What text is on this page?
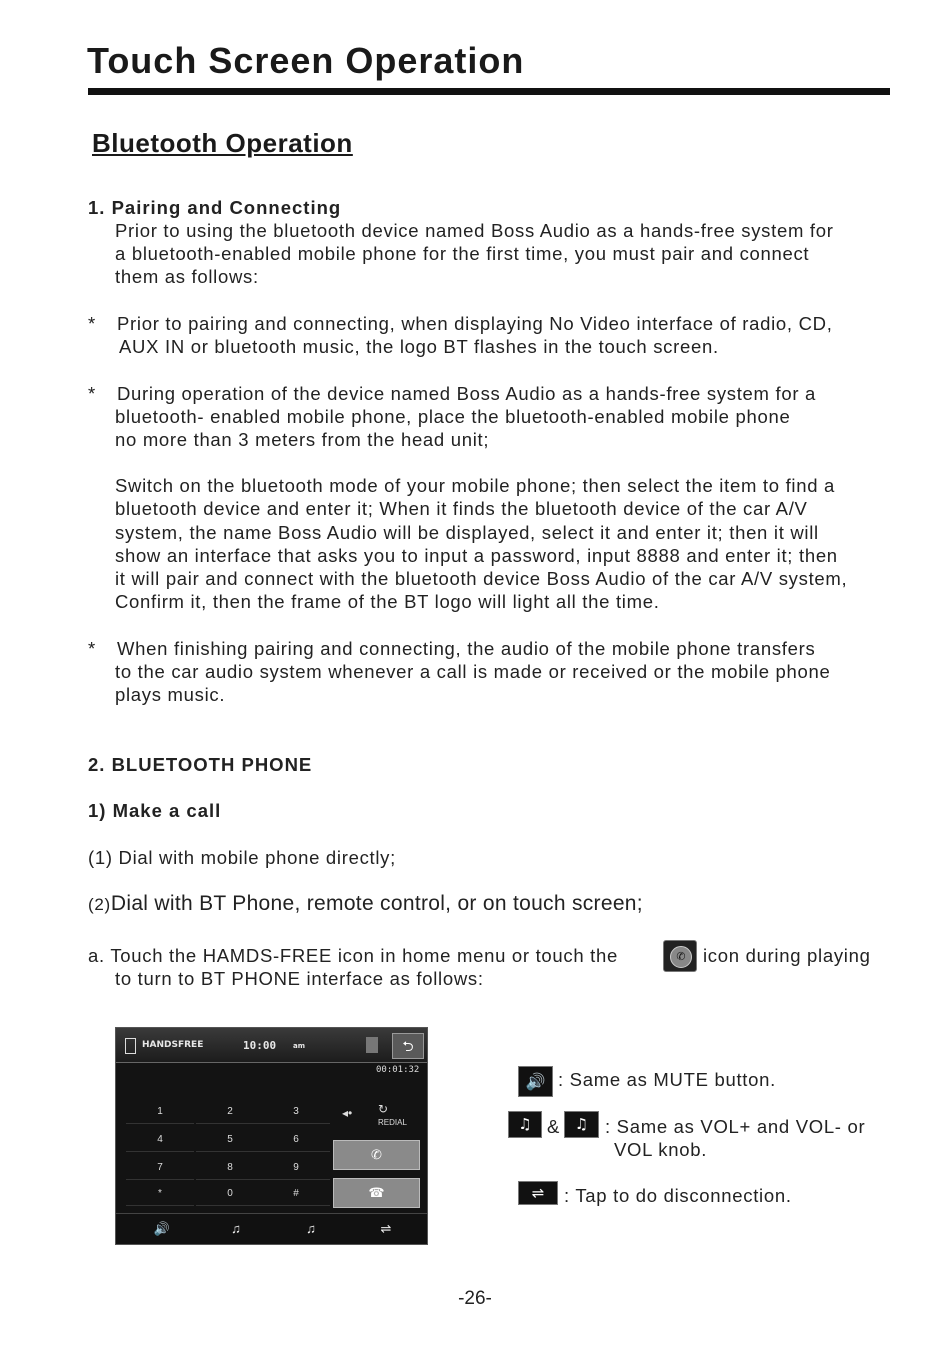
Touch Screen Operation
Bluetooth Operation
1. Pairing and Connecting
Prior to using the bluetooth device named Boss Audio as a hands-free system for
a bluetooth-enabled mobile phone for the first time, you must pair and connect
them as follows:
* Prior to pairing and connecting, when displaying No Video interface of radio, CD,
AUX IN or bluetooth music, the logo BT flashes in the touch screen.
* During operation of the device named Boss Audio as a hands-free system for a
bluetooth- enabled mobile phone, place the bluetooth-enabled mobile phone
no more than 3 meters from the head unit;
Switch on the bluetooth mode of your mobile phone; then select the item to find a
bluetooth device and enter it; When it finds the bluetooth device of the car A/V
system, the name Boss Audio will be displayed, select it and enter it; then it will
show an interface that asks you to input a password, input 8888 and enter it; then
it will pair and connect with the bluetooth device Boss Audio of the car A/V system,
Confirm it, then the frame of the BT logo will light all the time.
* When finishing pairing and connecting, the audio of the mobile phone transfers
to the car audio system whenever a call is made or received or the mobile phone
plays music.
2. BLUETOOTH PHONE
1) Make a call
(1) Dial with mobile phone directly;
(2)Dial with BT Phone, remote control, or on touch screen;
a. Touch the HAMDS-FREE icon in home menu or touch the	✆ icon during playing
to turn to BT PHONE interface as follows:
HANDSFREE	10:00 am	⮌
00:01:32
1	2	3
4	5	6
7	8	9
*	0	#
◂• ↻
REDIAL
✆
☎
🔊	♫	♫	⇌
🔊 : Same as MUTE button.
♫ & ♫ : Same as VOL+ and VOL- or
VOL knob.
⇌	: Tap to do disconnection.
-26-
